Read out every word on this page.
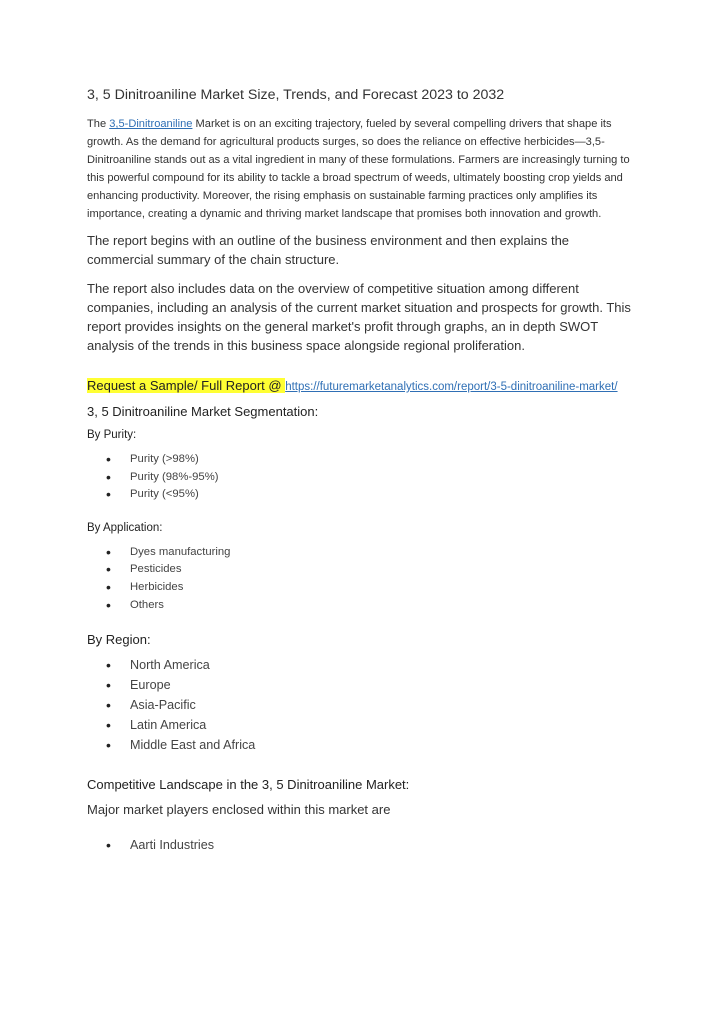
3, 5 Dinitroaniline Market Size, Trends, and Forecast 2023 to 2032

The 3,5-Dinitroaniline Market is on an exciting trajectory, fueled by several compelling drivers that shape its growth. As the demand for agricultural products surges, so does the reliance on effective herbicides—3,5-Dinitroaniline stands out as a vital ingredient in many of these formulations. Farmers are increasingly turning to this powerful compound for its ability to tackle a broad spectrum of weeds, ultimately boosting crop yields and enhancing productivity. Moreover, the rising emphasis on sustainable farming practices only amplifies its importance, creating a dynamic and thriving market landscape that promises both innovation and growth.

The report begins with an outline of the business environment and then explains the commercial summary of the chain structure.

The report also includes data on the overview of competitive situation among different companies, including an analysis of the current market situation and prospects for growth. This report provides insights on the general market's profit through graphs, an in depth SWOT analysis of the trends in this business space alongside regional proliferation.

Request a Sample/ Full Report @ https://futuremarketanalytics.com/report/3-5-dinitroaniline-market/

3, 5 Dinitroaniline Market Segmentation:

By Purity:

• Purity (>98%)
• Purity (98%-95%)
• Purity (<95%)

By Application:

• Dyes manufacturing
• Pesticides
• Herbicides
• Others

By Region:

• North America
• Europe
• Asia-Pacific
• Latin America
• Middle East and Africa

Competitive Landscape in the 3, 5 Dinitroaniline Market:

Major market players enclosed within this market are

• Aarti Industries
